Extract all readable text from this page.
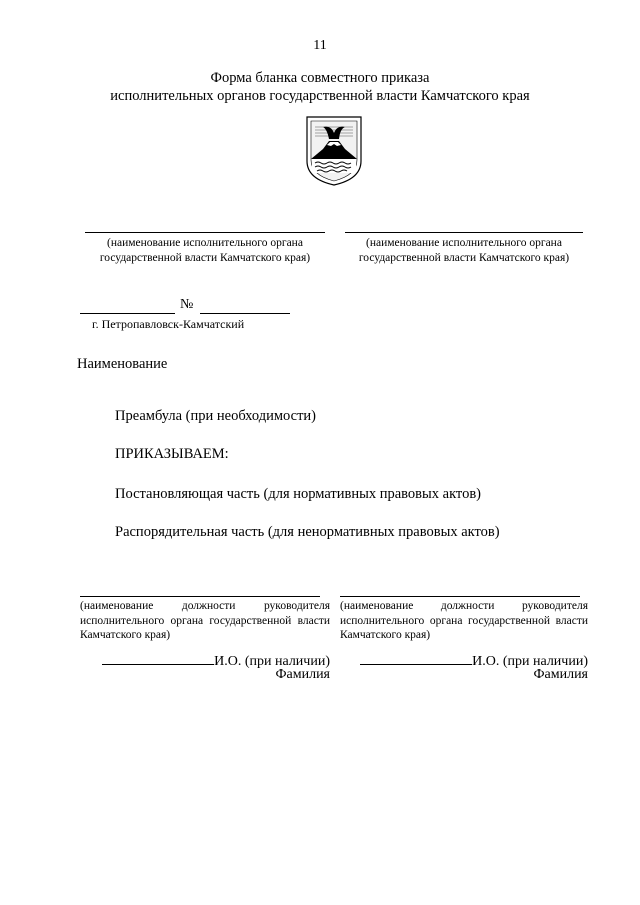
11
Форма бланка совместного приказа
исполнительных органов государственной власти Камчатского края
(наименование исполнительного органа
государственной власти Камчатского края)
(наименование исполнительного органа
государственной власти Камчатского края)
№
г. Петропавловск-Камчатский
Наименование
Преамбула (при необходимости)
ПРИКАЗЫВАЕМ:
Постановляющая часть (для нормативных правовых актов)
Распорядительная часть (для ненормативных правовых актов)
(наименование должности руководителя исполнительного органа государственной власти Камчатского края)
И.О. (при наличии)
Фамилия
(наименование должности руководителя исполнительного органа государственной власти Камчатского края)
И.О. (при наличии)
Фамилия
